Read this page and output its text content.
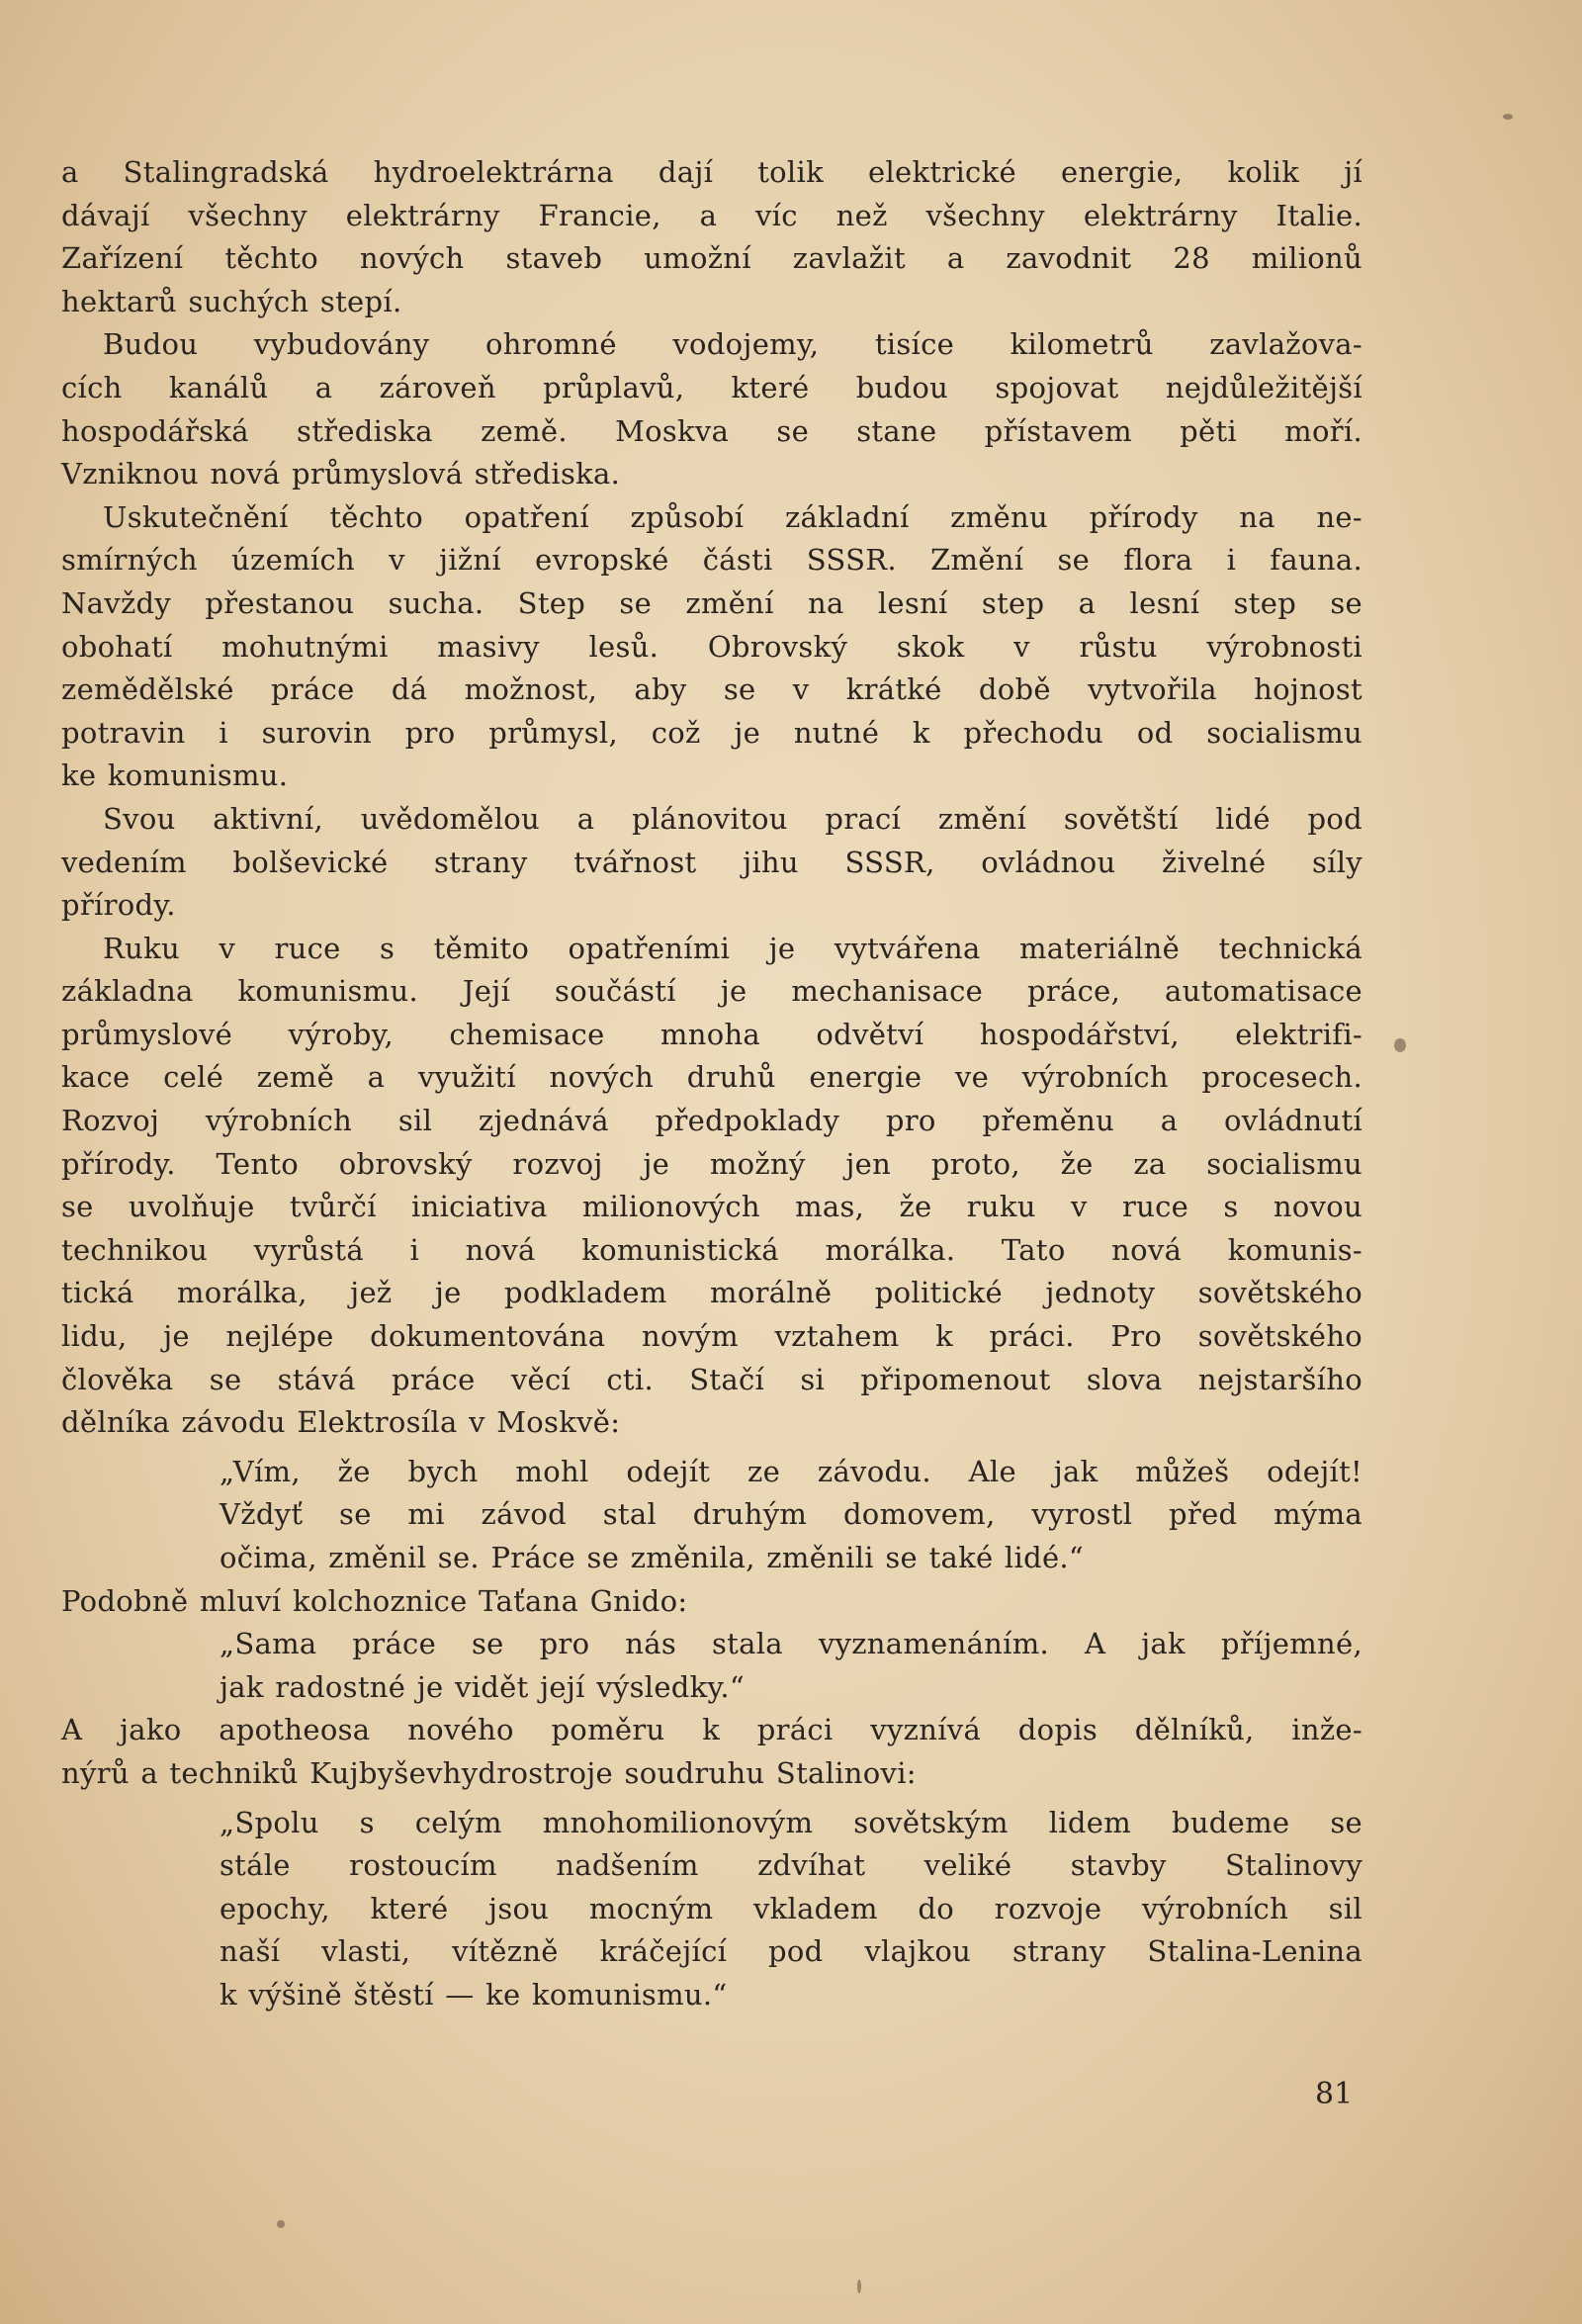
a Stalingradská hydroelektrárna dají tolik elektrické energie, kolik jí
dávají všechny elektrárny Francie, a víc než všechny elektrárny Italie.
Zařízení těchto nových staveb umožní zavlažit a zavodnit 28 milionů
hektarů suchých stepí.
Budou vybudovány ohromné vodojemy, tisíce kilometrů zavlažova-
cích kanálů a zároveň průplavů, které budou spojovat nejdůležitější
hospodářská střediska země. Moskva se stane přístavem pěti moří.
Vzniknou nová průmyslová střediska.
Uskutečnění těchto opatření způsobí základní změnu přírody na ne-
smírných územích v jižní evropské části SSSR. Změní se flora i fauna.
Navždy přestanou sucha. Step se změní na lesní step a lesní step se
obohatí mohutnými masivy lesů. Obrovský skok v růstu výrobnosti
zemědělské práce dá možnost, aby se v krátké době vytvořila hojnost
potravin i surovin pro průmysl, což je nutné k přechodu od socialismu
ke komunismu.
Svou aktivní, uvědomělou a plánovitou prací změní sovětští lidé pod
vedením bolševické strany tvářnost jihu SSSR, ovládnou živelné síly
přírody.
Ruku v ruce s těmito opatřeními je vytvářena materiálně technická
základna komunismu. Její součástí je mechanisace práce, automatisace
průmyslové výroby, chemisace mnoha odvětví hospodářství, elektrifi-
kace celé země a využití nových druhů energie ve výrobních procesech.
Rozvoj výrobních sil zjednává předpoklady pro přeměnu a ovládnutí
přírody. Tento obrovský rozvoj je možný jen proto, že za socialismu
se uvolňuje tvůrčí iniciativa milionových mas, že ruku v ruce s novou
technikou vyrůstá i nová komunistická morálka. Tato nová komunis-
tická morálka, jež je podkladem morálně politické jednoty sovětského
lidu, je nejlépe dokumentována novým vztahem k práci. Pro sovětského
člověka se stává práce věcí cti. Stačí si připomenout slova nejstaršího
dělníka závodu Elektrosíla v Moskvě:
„Vím, že bych mohl odejít ze závodu. Ale jak můžeš odejít!
Vždyť se mi závod stal druhým domovem, vyrostl před mýma
očima, změnil se. Práce se změnila, změnili se také lidé.“
Podobně mluví kolchoznice Taťana Gnido:
„Sama práce se pro nás stala vyznamenáním. A jak příjemné,
jak radostné je vidět její výsledky.“
A jako apotheosa nového poměru k práci vyznívá dopis dělníků, inže-
nýrů a techniků Kujbyševhydrostroje soudruhu Stalinovi:
„Spolu s celým mnohomilionovým sovětským lidem budeme se
stále rostoucím nadšením zdvíhat veliké stavby Stalinovy
epochy, které jsou mocným vkladem do rozvoje výrobních sil
naší vlasti, vítězně kráčející pod vlajkou strany Stalina-Lenina
k výšině štěstí — ke komunismu.“
81
